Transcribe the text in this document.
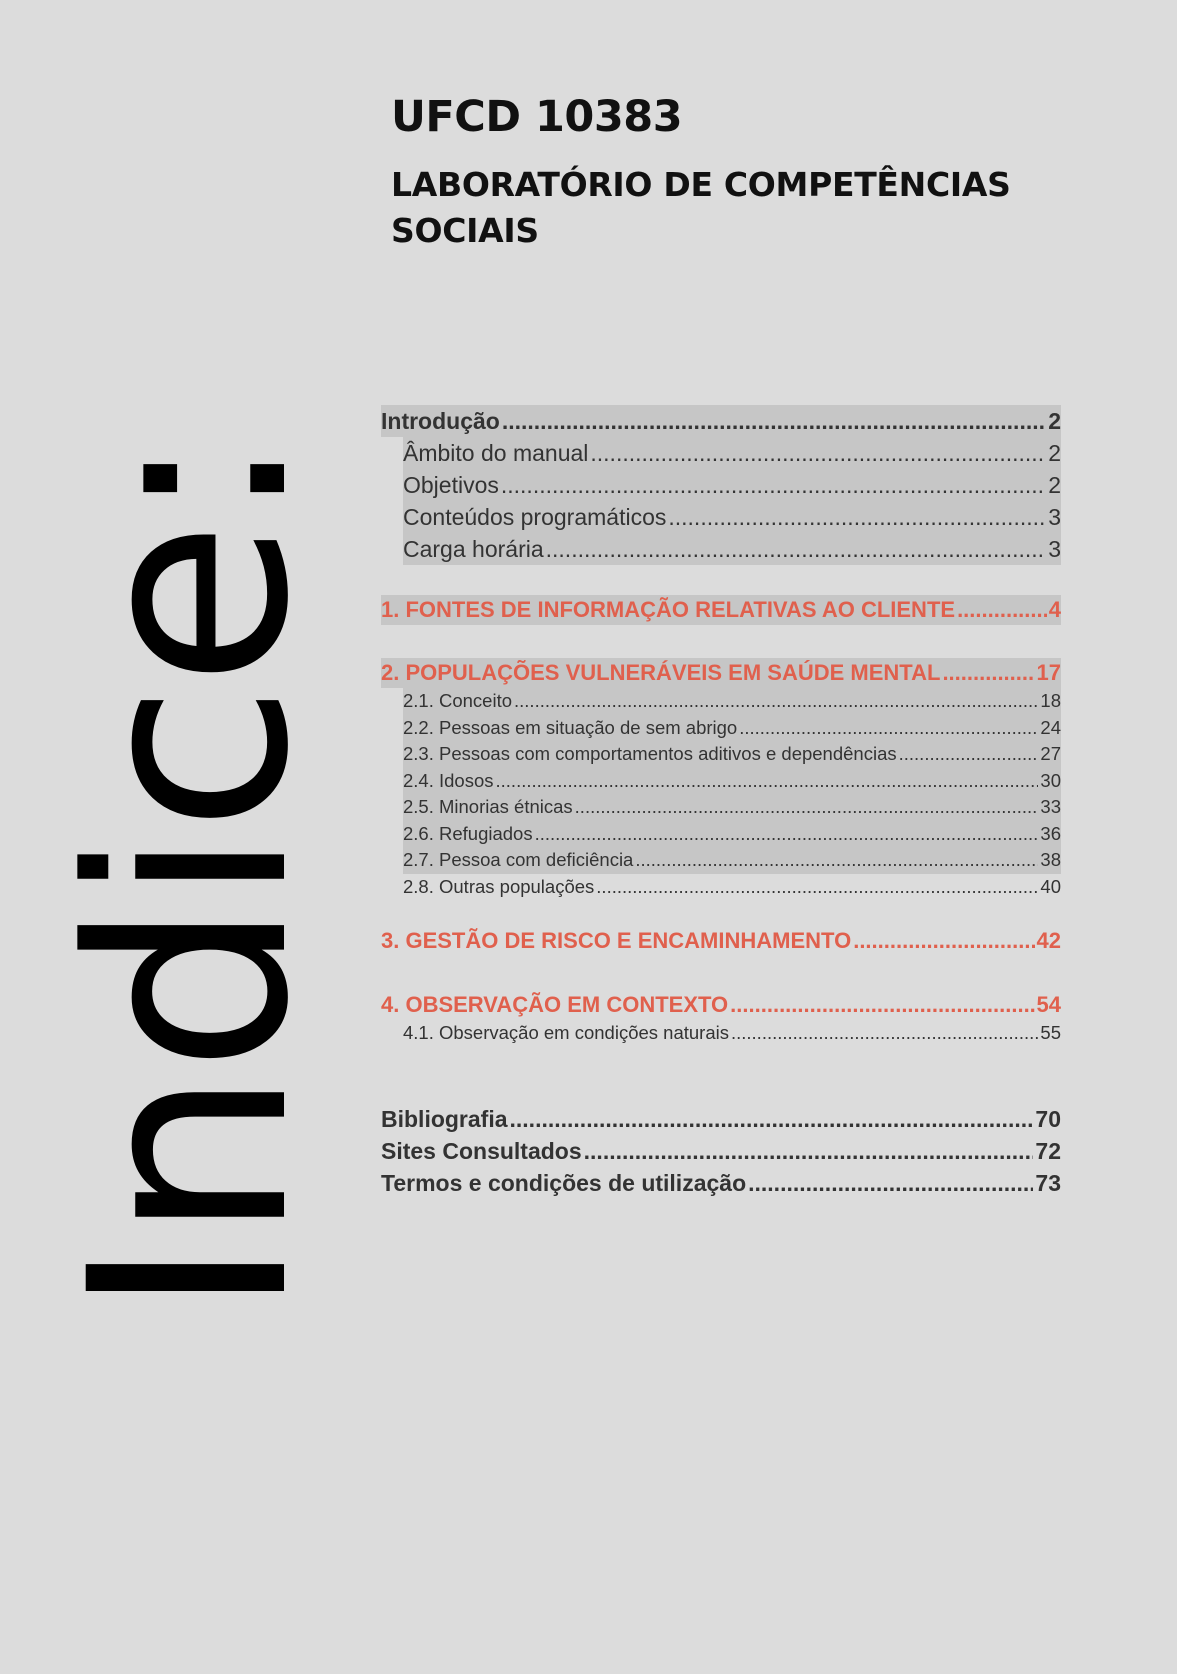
UFCD 10383
LABORATÓRIO DE COMPETÊNCIAS
SOCIAIS
Indice:
Introdução .....	2
Âmbito do manual .....	2
Objetivos .....	2
Conteúdos programáticos .....	3
Carga horária .....	3
1. FONTES DE INFORMAÇÃO RELATIVAS AO CLIENTE .....	4
2. POPULAÇÕES VULNERÁVEIS EM SAÚDE MENTAL .....	17
2.1. Conceito .....	18
2.2. Pessoas em situação de sem abrigo .....	24
2.3. Pessoas com comportamentos aditivos e dependências .....	27
2.4. Idosos .....	30
2.5. Minorias étnicas .....	33
2.6. Refugiados .....	36
2.7. Pessoa com deficiência .....	38
2.8. Outras populações .....	40
3. GESTÃO DE RISCO E ENCAMINHAMENTO .....	42
4. OBSERVAÇÃO EM CONTEXTO .....	54
4.1. Observação em condições naturais .....	55
Bibliografia .....	70
Sites Consultados .....	72
Termos e condições de utilização .....	73
